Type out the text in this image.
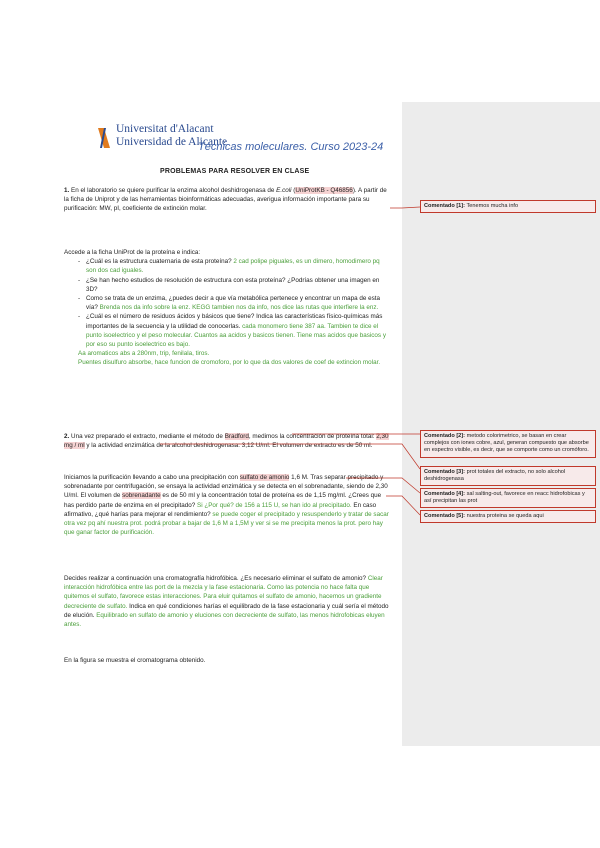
Universitat d'Alacant
Universidad de Alicante
Técnicas moleculares. Curso 2023-24
PROBLEMAS PARA RESOLVER EN CLASE

1. En el laboratorio se quiere purificar la enzima alcohol deshidrogenasa de E.coli (UniProtKB - Q46856). A partir de la ficha de Uniprot y de las herramientas bioinformáticas adecuadas, averigua información importante para su purificación: MW, pI, coeficiente de extinción molar.

Accede a la ficha UniProt de la proteína e indica:

- ¿Cuál es la estructura cuaternaria de esta proteína? 2 cad polipe piguales, es un dimero, homodimero pq son dos cad iguales.
- ¿Se han hecho estudios de resolución de estructura con esta proteína? ¿Podrías obtener una imagen en 3D?
- Como se trata de un enzima, ¿puedes decir a que vía metabólica pertenece y encontrar un mapa de esta vía? Brenda nos da info sobre la enz. KEGG tambien nos da info, nos dice las rutas que interfiere la enz.
- ¿Cuál es el número de residuos ácidos y básicos que tiene? Indica las características físico-químicas más importantes de la secuencia y la utilidad de conocerlas. cada monomero tiene 387 aa. Tambien te dice el punto isoelectrico y el peso molecular. Cuantos aa acidos y basicos tienen. Tiene mas acidos que basicos y por eso su punto isoelectrico es bajo.

Aa aromaticos abs a 280nm, trip, fenilala, tiros.

Puentes disulfuro absorbe, hace funcion de cromoforo, por lo que da dos valores de coef de extincion molar.

2. Una vez preparado el extracto, mediante el método de Bradford, medimos la concentración de proteína total: 2,30 mg / ml y la actividad enzimática de la alcohol deshidrogenasa: 3,12 U/ml. El volumen de extracto es de 50 ml.

Iniciamos la purificación llevando a cabo una precipitación con sulfato de amonio 1,6 M. Tras separar precipitado y sobrenadante por centrifugación, se ensaya la actividad enzimática y se detecta en el sobrenadante, siendo de 2,30 U/ml. El volumen de sobrenadante es de 50 ml y la concentración total de proteína es de 1,15 mg/ml. ¿Crees que has perdido parte de enzima en el precipitado? Si ¿Por qué? de 156 a 115 U, se han ido al precipitado. En caso afirmativo, ¿qué harías para mejorar el rendimiento? se puede coger el precipitado y resuspenderlo y tratar de sacar otra vez pq ahí nuestra prot. podrá probar a bajar de 1,6 M a 1,5M y ver si se me precipita menos la prot. pero hay que ganar factor de purificación.

Decides realizar a continuación una cromatografía hidrofóbica. ¿Es necesario eliminar el sulfato de amonio? Clear interacción hidrofóbica entre las port de la mezcla y la fase estacionaria. Como las potencia no hace falta que quitemos el sulfato, favorece estas interacciones. Para eluir quitamos el sulfato de amonio, hacemos un gradiente decreciente de sulfato. Indica en qué condiciones harías el equilibrado de la fase estacionaria y cuál sería el método de elución. Equilibrado en sulfato de amonio y eluciones con decreciente de sulfato, las menos hidrofobicas eluyen antes.

En la figura se muestra el cromatograma obtenido.

Comentado [1]: Tenemos mucha info
Comentado [2]: metodo colorimetrico, se basan en crear complejos con iones cobre, azul, generan compuesto que absorbe en espectro visible, es decir, que se comporte como un cromóforo.
Comentado [3]: prot totales del extracto, no solo alcohol deshidrogenasa
Comentado [4]: sal salting-out, favorece en reacc hidrofobicas y así precipitan las prot
Comentado [5]: nuestra proteina se queda aqui
